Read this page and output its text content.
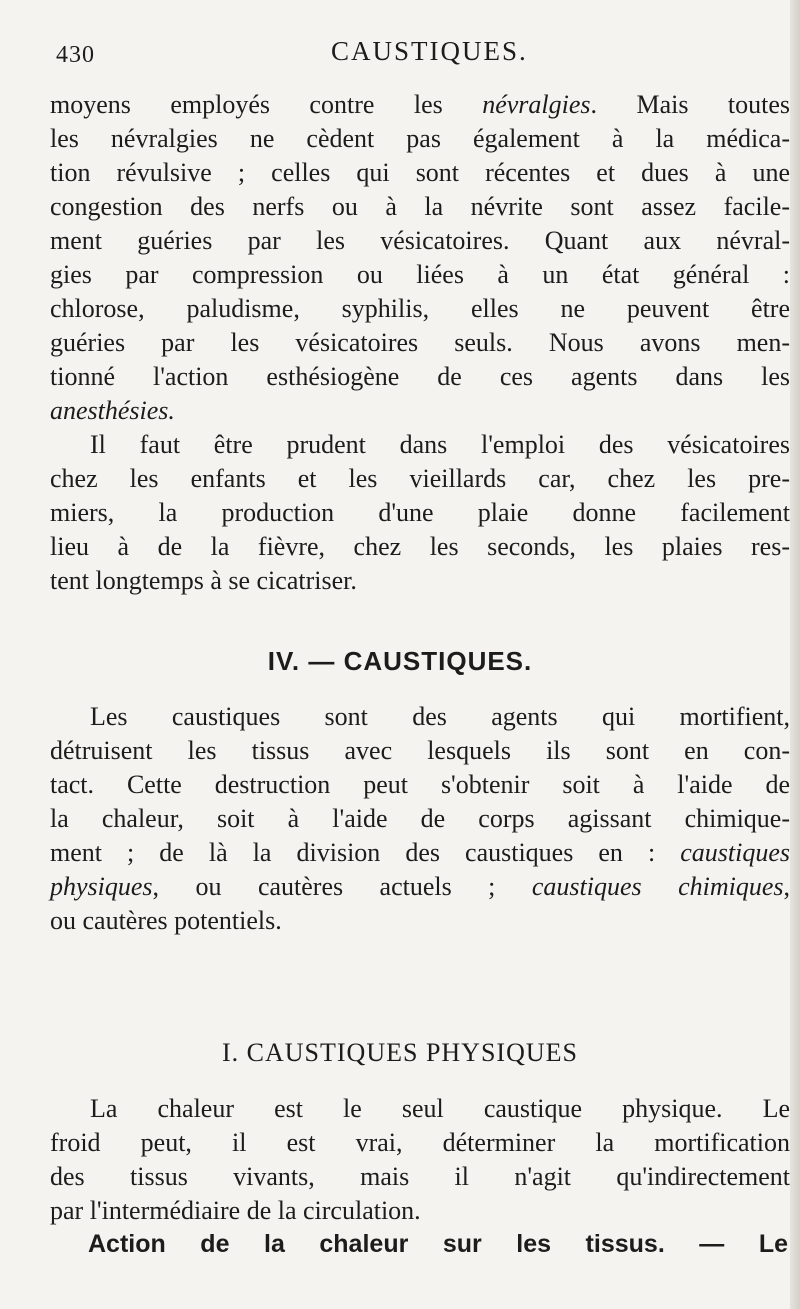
430	CAUSTIQUES.

moyens employés contre les névralgies. Mais toutes

les névralgies ne cèdent pas également à la médica-

tion révulsive ; celles qui sont récentes et dues à une

congestion des nerfs ou à la névrite sont assez facile-

ment guéries par les vésicatoires. Quant aux névral-

gies par compression ou liées à un état général :

chlorose, paludisme, syphilis, elles ne peuvent être

guéries par les vésicatoires seuls. Nous avons men-

tionné l'action esthésiogène de ces agents dans les

anesthésies.

Il faut être prudent dans l'emploi des vésicatoires

chez les enfants et les vieillards car, chez les pre-

miers, la production d'une plaie donne facilement

lieu à de la fièvre, chez les seconds, les plaies res-

tent longtemps à se cicatriser.

IV. — CAUSTIQUES.

Les caustiques sont des agents qui mortifient,

détruisent les tissus avec lesquels ils sont en con-

tact. Cette destruction peut s'obtenir soit à l'aide de

la chaleur, soit à l'aide de corps agissant chimique-

ment ; de là la division des caustiques en : caustiques

physiques, ou cautères actuels ; caustiques chimiques,

ou cautères potentiels.

I. CAUSTIQUES PHYSIQUES

La chaleur est le seul caustique physique. Le

froid peut, il est vrai, déterminer la mortification

des tissus vivants, mais il n'agit qu'indirectement

par l'intermédiaire de la circulation.

Action de la chaleur sur les tissus. — Le
